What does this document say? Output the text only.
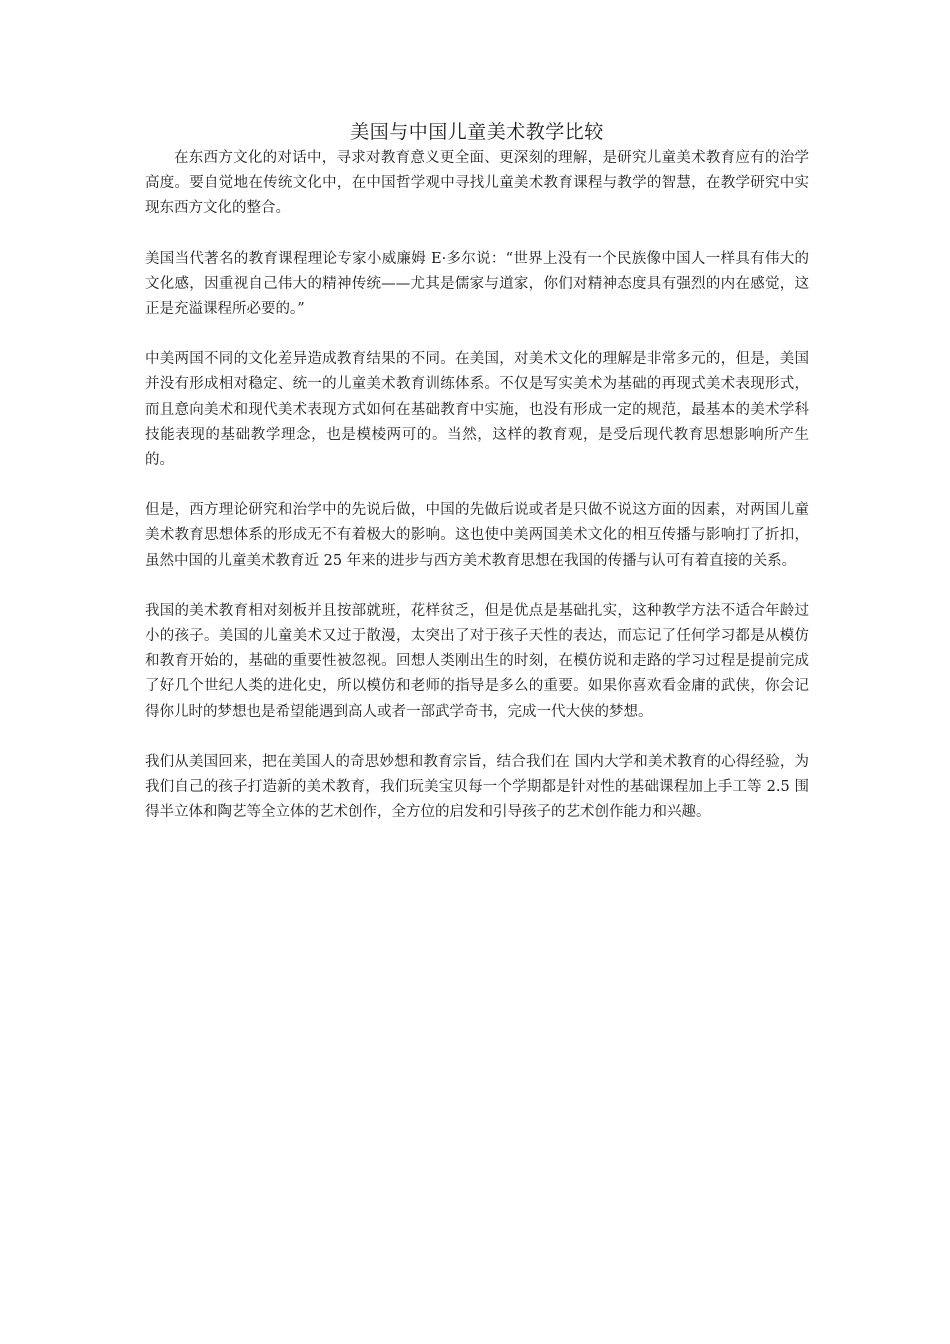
美国与中国儿童美术教学比较

在东西方文化的对话中，寻求对教育意义更全面、更深刻的理解，是研究儿童美术教育应有的治学高度。要自觉地在传统文化中，在中国哲学观中寻找儿童美术教育课程与教学的智慧，在教学研究中实现东西方文化的整合。

美国当代著名的教育课程理论专家小威廉姆 E·多尔说：“世界上没有一个民族像中国人一样具有伟大的文化感，因重视自己伟大的精神传统——尤其是儒家与道家，你们对精神态度具有强烈的内在感觉，这正是充溢课程所必要的。”

中美两国不同的文化差异造成教育结果的不同。在美国，对美术文化的理解是非常多元的，但是，美国并没有形成相对稳定、统一的儿童美术教育训练体系。不仅是写实美术为基础的再现式美术表现形式，而且意向美术和现代美术表现方式如何在基础教育中实施，也没有形成一定的规范，最基本的美术学科技能表现的基础教学理念，也是模棱两可的。当然，这样的教育观，是受后现代教育思想影响所产生的。

但是，西方理论研究和治学中的先说后做，中国的先做后说或者是只做不说这方面的因素，对两国儿童美术教育思想体系的形成无不有着极大的影响。这也使中美两国美术文化的相互传播与影响打了折扣，虽然中国的儿童美术教育近 25 年来的进步与西方美术教育思想在我国的传播与认可有着直接的关系。

我国的美术教育相对刻板并且按部就班，花样贫乏，但是优点是基础扎实，这种教学方法不适合年龄过小的孩子。美国的儿童美术又过于散漫，太突出了对于孩子天性的表达，而忘记了任何学习都是从模仿和教育开始的，基础的重要性被忽视。回想人类刚出生的时刻，在模仿说和走路的学习过程是提前完成了好几个世纪人类的进化史，所以模仿和老师的指导是多么的重要。如果你喜欢看金庸的武侠，你会记得你儿时的梦想也是希望能遇到高人或者一部武学奇书，完成一代大侠的梦想。

我们从美国回来，把在美国人的奇思妙想和教育宗旨，结合我们在 国内大学和美术教育的心得经验，为我们自己的孩子打造新的美术教育，我们玩美宝贝每一个学期都是针对性的基础课程加上手工等 2.5 围得半立体和陶艺等全立体的艺术创作，全方位的启发和引导孩子的艺术创作能力和兴趣。
